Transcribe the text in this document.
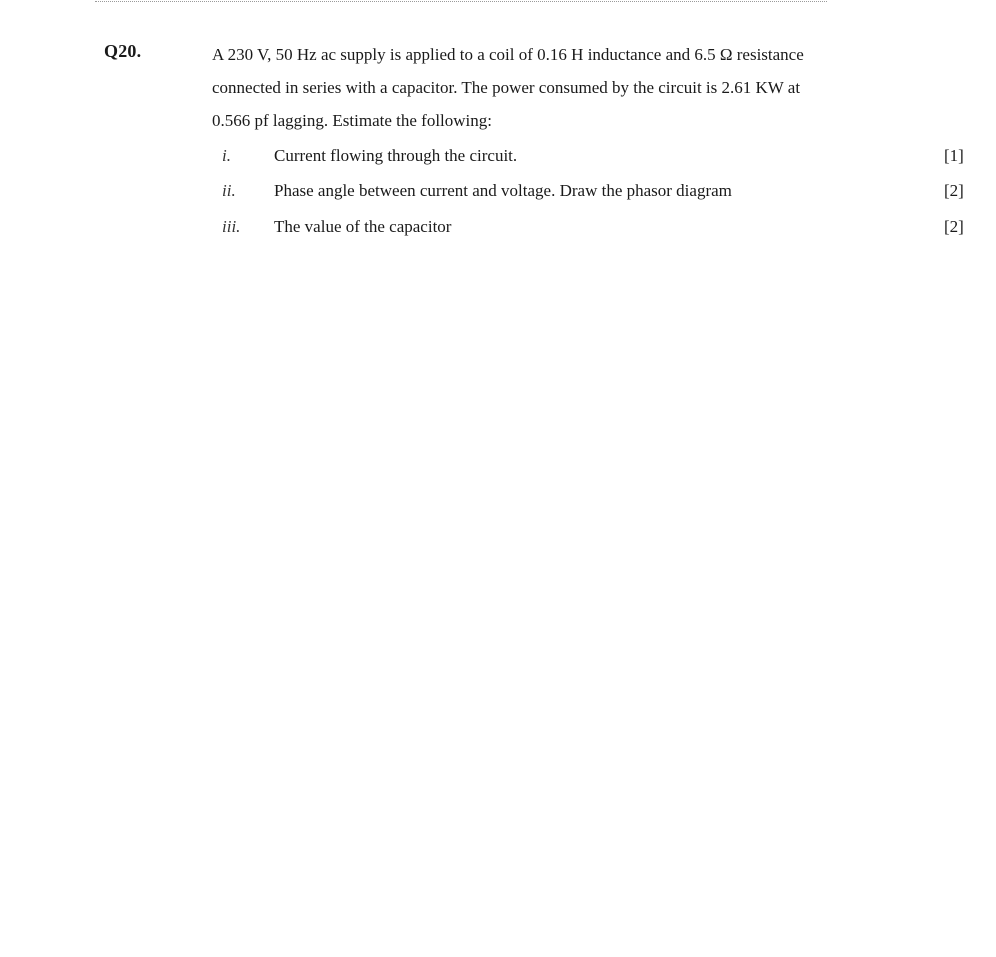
Q20.	A 230 V, 50 Hz ac supply is applied to a coil of 0.16 H inductance and 6.5 Ω resistance
connected in series with a capacitor. The power consumed by the circuit is 2.61 KW at
0.566 pf lagging. Estimate the following:
i.	Current flowing through the circuit.	[1]
ii. Phase angle between current and voltage. Draw the phasor diagram	[2]
iii. The value of the capacitor	[2]
